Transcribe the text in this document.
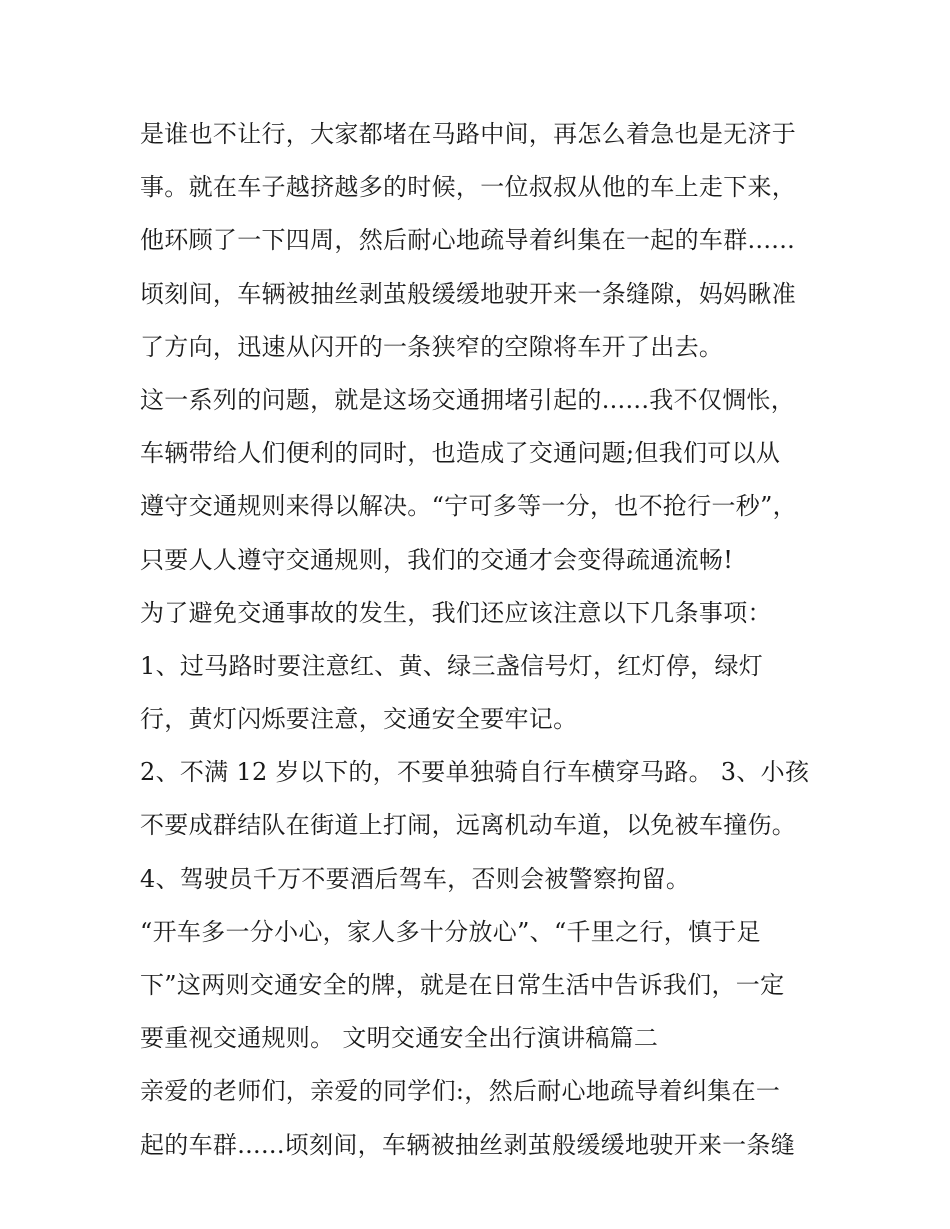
是谁也不让行，大家都堵在马路中间，再怎么着急也是无济于
事。就在车子越挤越多的时候，一位叔叔从他的车上走下来，
他环顾了一下四周，然后耐心地疏导着纠集在一起的车群......
顷刻间，车辆被抽丝剥茧般缓缓地驶开来一条缝隙，妈妈瞅准
了方向，迅速从闪开的一条狭窄的空隙将车开了出去。
这一系列的问题，就是这场交通拥堵引起的......我不仅惆怅，
车辆带给人们便利的同时，也造成了交通问题;但我们可以从
遵守交通规则来得以解决。“宁可多等一分，也不抢行一秒”，
只要人人遵守交通规则，我们的交通才会变得疏通流畅!
为了避免交通事故的发生，我们还应该注意以下几条事项：
1、过马路时要注意红、黄、绿三盏信号灯，红灯停，绿灯
行，黄灯闪烁要注意，交通安全要牢记。
2、不满 12 岁以下的，不要单独骑自行车横穿马路。 3、小孩
不要成群结队在街道上打闹，远离机动车道，以免被车撞伤。
4、驾驶员千万不要酒后驾车，否则会被警察拘留。
“开车多一分小心，家人多十分放心”、“千里之行，慎于足
下”这两则交通安全的牌，就是在日常生活中告诉我们，一定
要重视交通规则。 文明交通安全出行演讲稿篇二
亲爱的老师们，亲爱的同学们:，然后耐心地疏导着纠集在一
起的车群......顷刻间，车辆被抽丝剥茧般缓缓地驶开来一条缝
